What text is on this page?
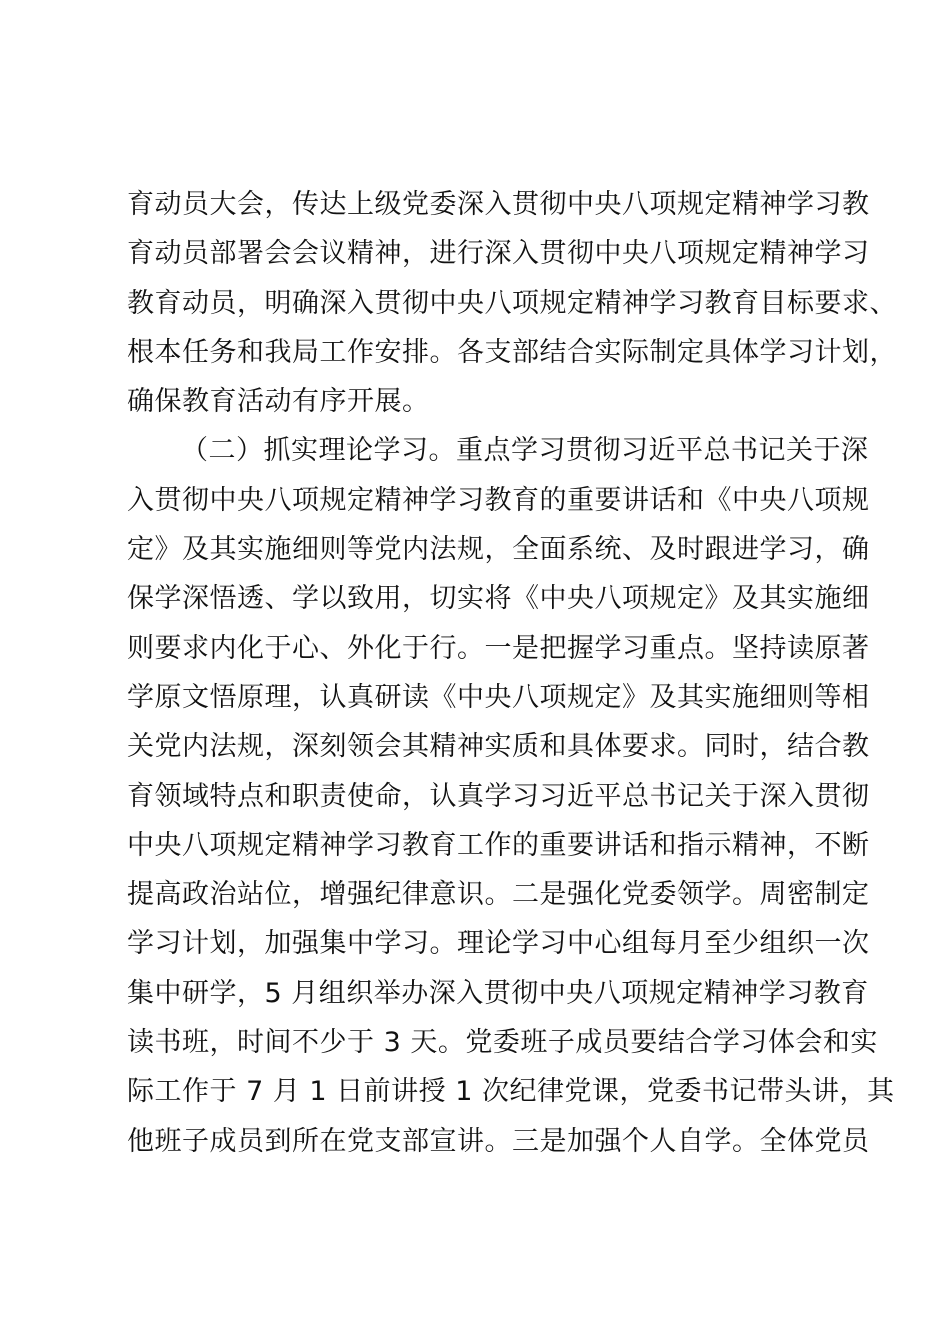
育动员大会，传达上级党委深入贯彻中央八项规定精神学习教
育动员部署会会议精神，进行深入贯彻中央八项规定精神学习
教育动员，明确深入贯彻中央八项规定精神学习教育目标要求、
根本任务和我局工作安排。各支部结合实际制定具体学习计划，
确保教育活动有序开展。
（二）抓实理论学习。重点学习贯彻习近平总书记关于深
入贯彻中央八项规定精神学习教育的重要讲话和《中央八项规
定》及其实施细则等党内法规，全面系统、及时跟进学习，确
保学深悟透、学以致用，切实将《中央八项规定》及其实施细
则要求内化于心、外化于行。一是把握学习重点。坚持读原著
学原文悟原理，认真研读《中央八项规定》及其实施细则等相
关党内法规，深刻领会其精神实质和具体要求。同时，结合教
育领域特点和职责使命，认真学习习近平总书记关于深入贯彻
中央八项规定精神学习教育工作的重要讲话和指示精神，不断
提高政治站位，增强纪律意识。二是强化党委领学。周密制定
学习计划，加强集中学习。理论学习中心组每月至少组织一次
集中研学，5 月组织举办深入贯彻中央八项规定精神学习教育
读书班，时间不少于 3 天。党委班子成员要结合学习体会和实
际工作于 7 月 1 日前讲授 1 次纪律党课，党委书记带头讲，其
他班子成员到所在党支部宣讲。三是加强个人自学。全体党员
